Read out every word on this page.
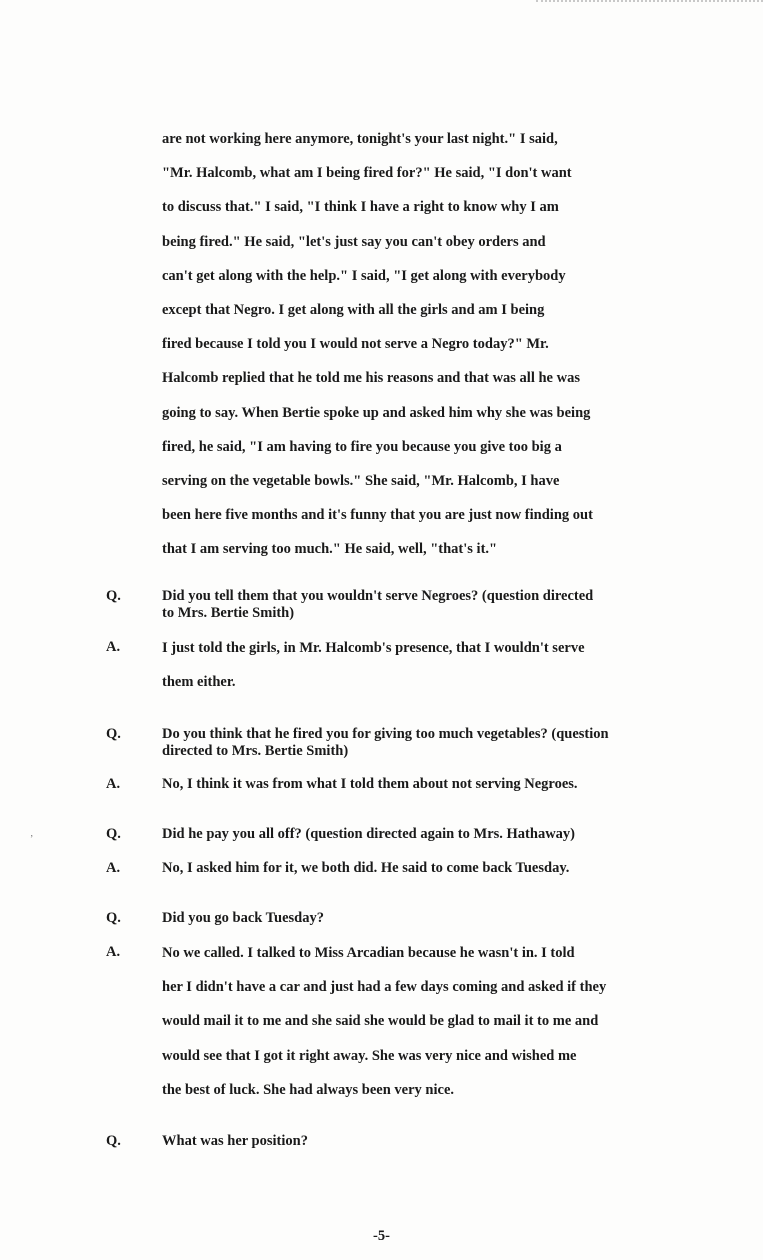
‚
are not working here anymore, tonight's your last night." I said,
"Mr. Halcomb, what am I being fired for?" He said, "I don't want
to discuss that." I said, "I think I have a right to know why I am
being fired." He said, "let's just say you can't obey orders and
can't get along with the help." I said, "I get along with everybody
except that Negro. I get along with all the girls and am I being
fired because I told you I would not serve a Negro today?" Mr.
Halcomb replied that he told me his reasons and that was all he was
going to say. When Bertie spoke up and asked him why she was being
fired, he said, "I am having to fire you because you give too big a
serving on the vegetable bowls." She said, "Mr. Halcomb, I have
been here five months and it's funny that you are just now finding out
that I am serving too much." He said, well, "that's it."
Q.	Did you tell them that you wouldn't serve Negroes? (question directed
to Mrs. Bertie Smith)
A.	I just told the girls, in Mr. Halcomb's presence, that I wouldn't serve
them either.
Q.	Do you think that he fired you for giving too much vegetables? (question
directed to Mrs. Bertie Smith)
A.	No, I think it was from what I told them about not serving Negroes.
Q.	Did he pay you all off? (question directed again to Mrs. Hathaway)
A.	No, I asked him for it, we both did. He said to come back Tuesday.
Q.	Did you go back Tuesday?
A.	No we called. I talked to Miss Arcadian because he wasn't in. I told
her I didn't have a car and just had a few days coming and asked if they
would mail it to me and she said she would be glad to mail it to me and
would see that I got it right away. She was very nice and wished me
the best of luck. She had always been very nice.
Q.	What was her position?
-5-
